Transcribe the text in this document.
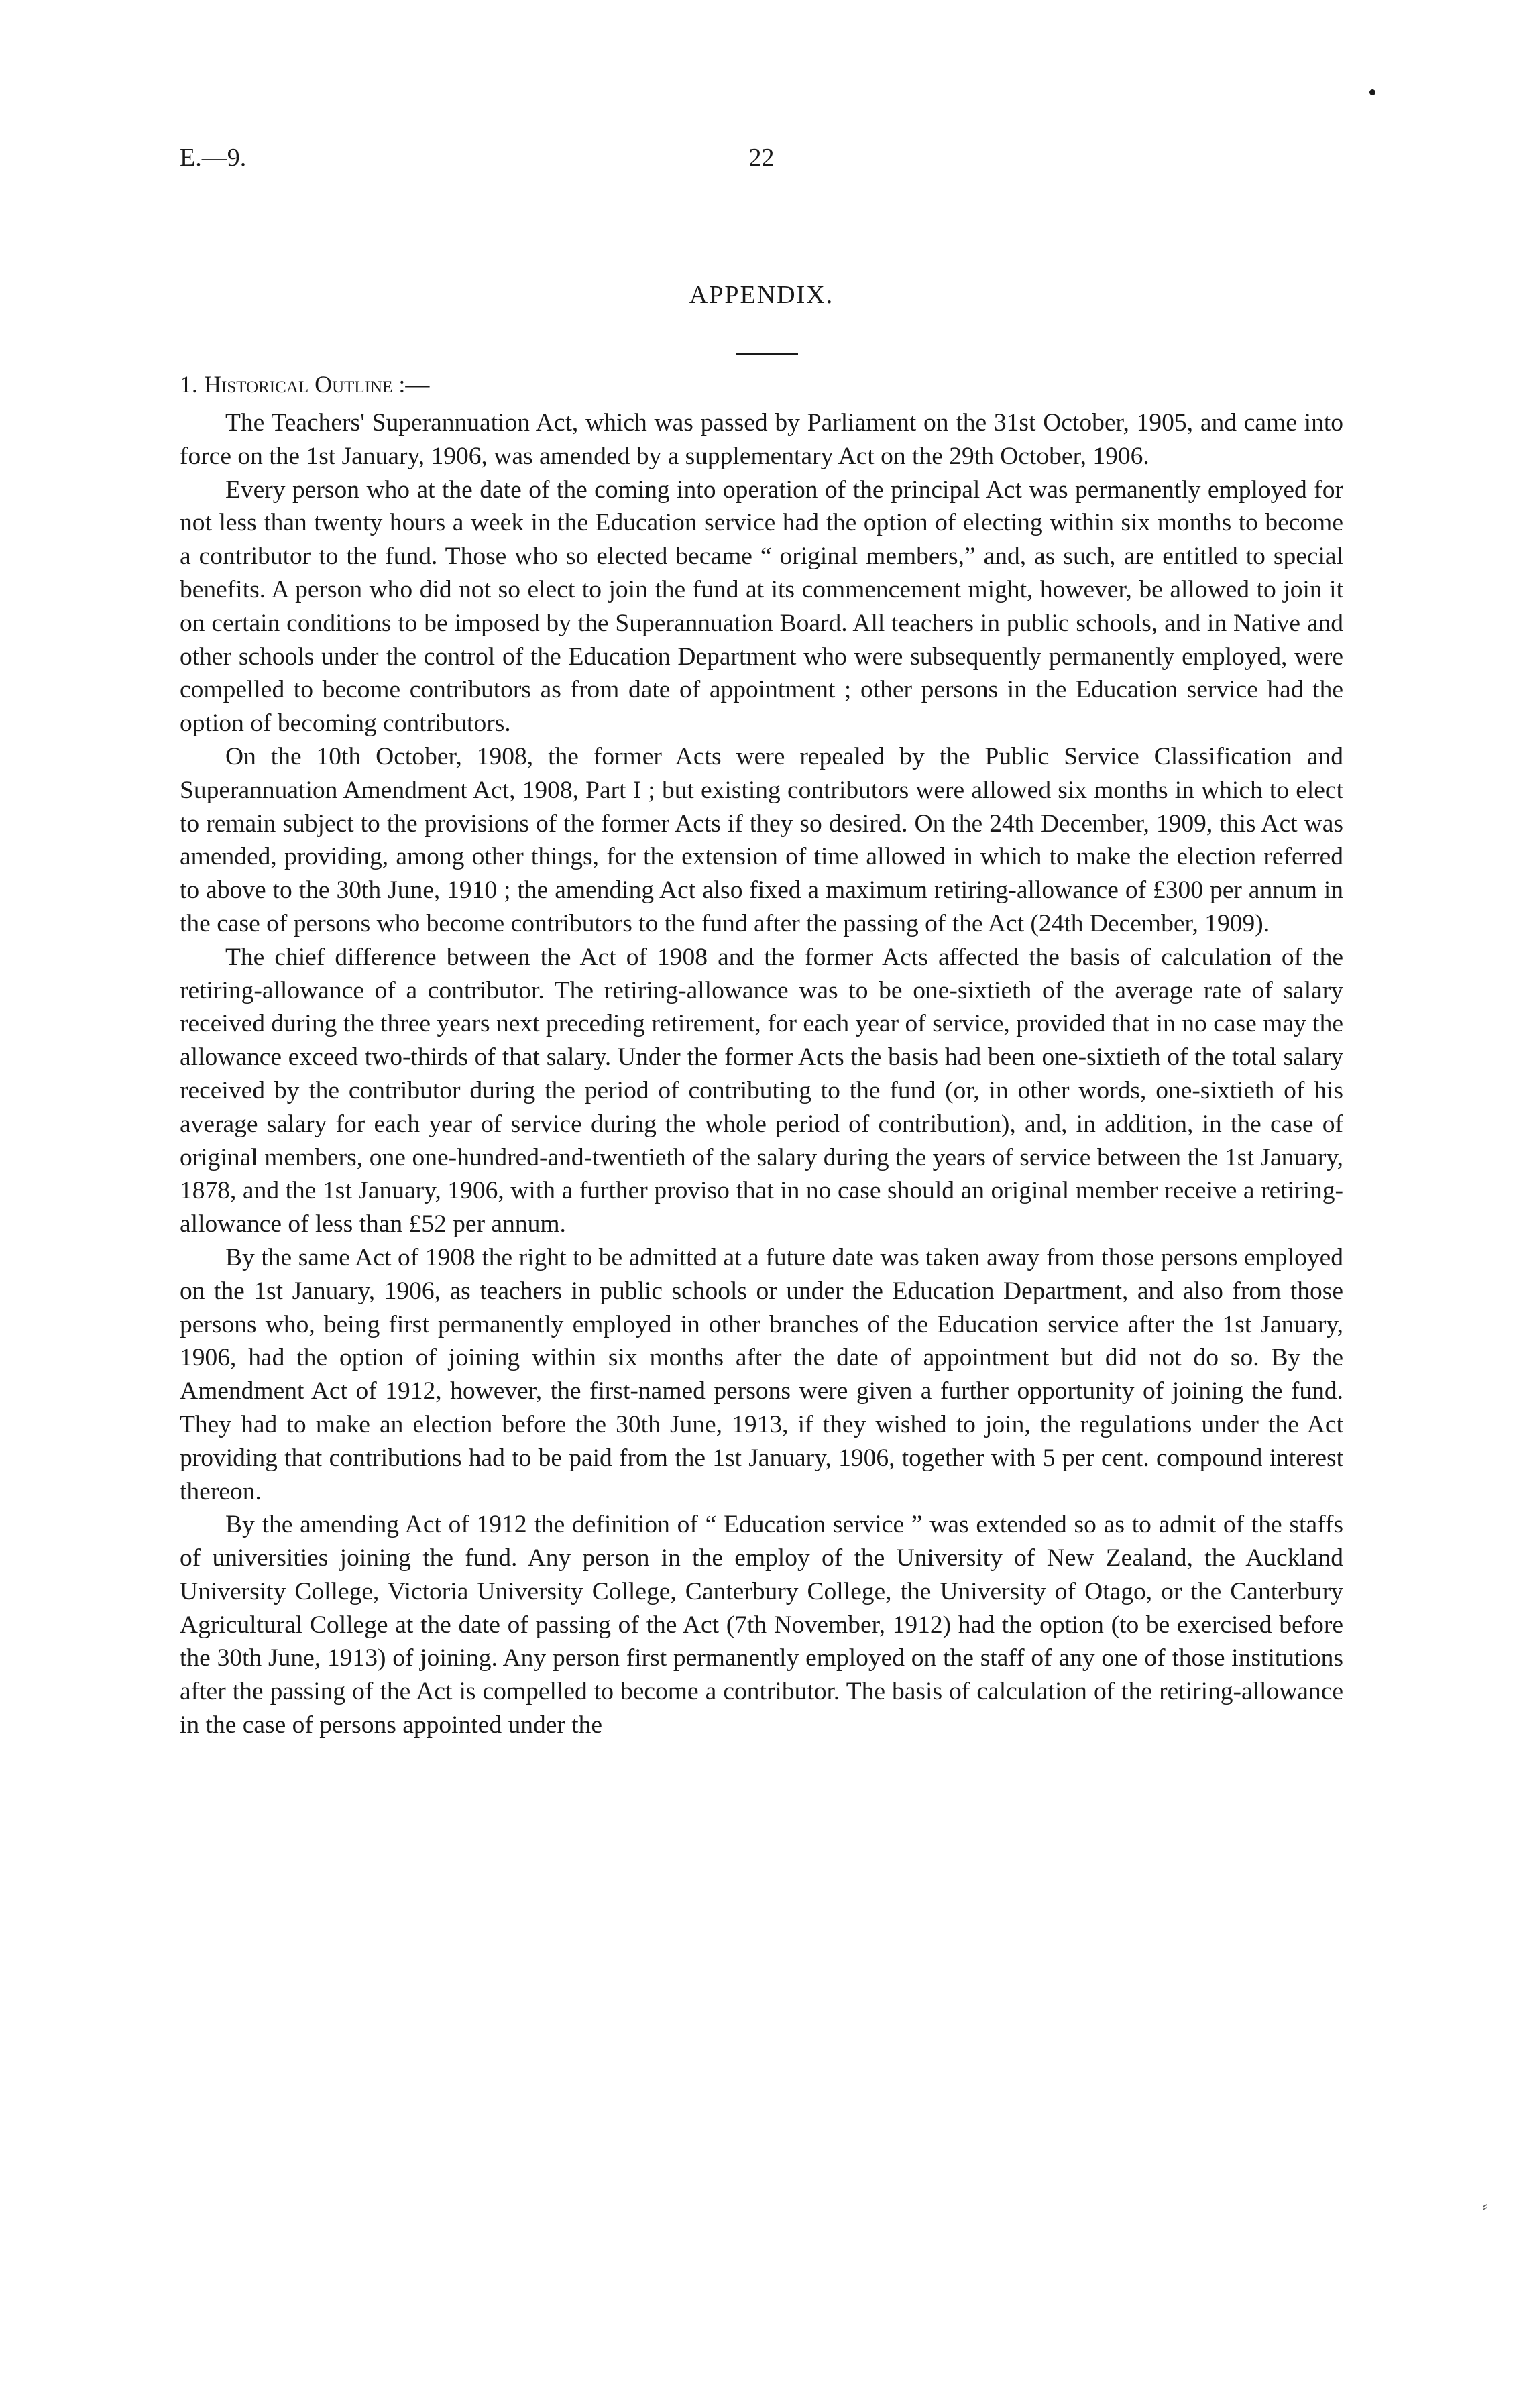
E.—9.	22
APPENDIX.
1. Historical Outline :—

The Teachers' Superannuation Act, which was passed by Parliament on the 31st October, 1905, and came into force on the 1st January, 1906, was amended by a supplementary Act on the 29th October, 1906.

Every person who at the date of the coming into operation of the principal Act was permanently employed for not less than twenty hours a week in the Education service had the option of electing within six months to become a contributor to the fund. Those who so elected became “ original members,” and, as such, are entitled to special benefits. A person who did not so elect to join the fund at its commencement might, however, be allowed to join it on certain conditions to be imposed by the Superannuation Board. All teachers in public schools, and in Native and other schools under the control of the Education Department who were subsequently permanently employed, were compelled to become contributors as from date of appointment ; other persons in the Education service had the option of becoming contributors.

On the 10th October, 1908, the former Acts were repealed by the Public Service Classification and Superannuation Amendment Act, 1908, Part I ; but existing contributors were allowed six months in which to elect to remain subject to the provisions of the former Acts if they so desired. On the 24th December, 1909, this Act was amended, providing, among other things, for the extension of time allowed in which to make the election referred to above to the 30th June, 1910 ; the amending Act also fixed a maximum retiring-allowance of £300 per annum in the case of persons who become contributors to the fund after the passing of the Act (24th December, 1909).

The chief difference between the Act of 1908 and the former Acts affected the basis of calculation of the retiring-allowance of a contributor. The retiring-allowance was to be one-sixtieth of the average rate of salary received during the three years next preceding retirement, for each year of service, provided that in no case may the allowance exceed two-thirds of that salary. Under the former Acts the basis had been one-sixtieth of the total salary received by the contributor during the period of contributing to the fund (or, in other words, one-sixtieth of his average salary for each year of service during the whole period of contribution), and, in addition, in the case of original members, one one-hundred-and-twentieth of the salary during the years of service between the 1st January, 1878, and the 1st January, 1906, with a further proviso that in no case should an original member receive a retiring-allowance of less than £52 per annum.

By the same Act of 1908 the right to be admitted at a future date was taken away from those persons employed on the 1st January, 1906, as teachers in public schools or under the Education Department, and also from those persons who, being first permanently employed in other branches of the Education service after the 1st January, 1906, had the option of joining within six months after the date of appointment but did not do so. By the Amendment Act of 1912, however, the first-named persons were given a further opportunity of joining the fund. They had to make an election before the 30th June, 1913, if they wished to join, the regulations under the Act providing that contributions had to be paid from the 1st January, 1906, together with 5 per cent. compound interest thereon.

By the amending Act of 1912 the definition of “ Education service ” was extended so as to admit of the staffs of universities joining the fund. Any person in the employ of the University of New Zealand, the Auckland University College, Victoria University College, Canterbury College, the University of Otago, or the Canterbury Agricultural College at the date of passing of the Act (7th November, 1912) had the option (to be exercised before the 30th June, 1913) of joining. Any person first permanently employed on the staff of any one of those institutions after the passing of the Act is compelled to become a contributor. The basis of calculation of the retiring-allowance in the case of persons appointed under the

⸗
